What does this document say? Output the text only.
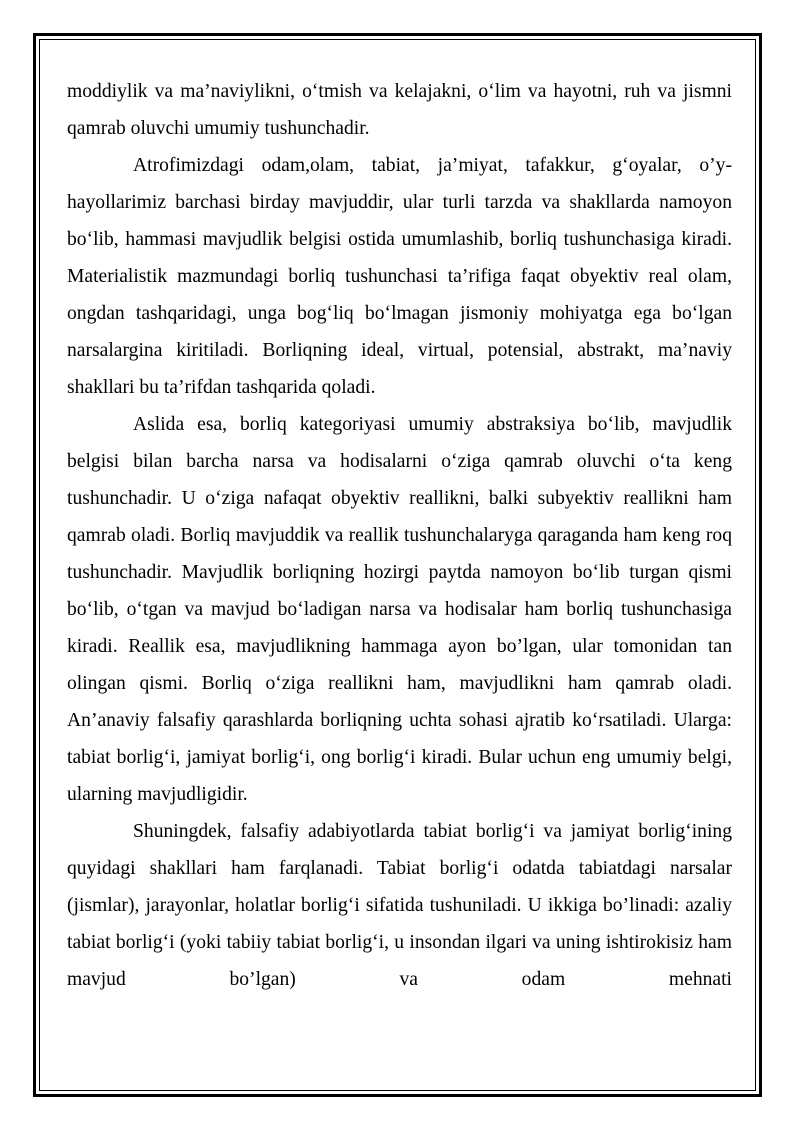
moddiylik va ma’naviylikni, o‘tmish va kelajakni, o‘lim va hayotni, ruh va jismni qamrab oluvchi umumiy tushunchadir.

Atrofimizdagi odam,olam, tabiat, ja’miyat, tafakkur, g‘oyalar, o’y-hayollarimiz barchasi birday mavjuddir, ular turli tarzda va shakllarda namoyon bo‘lib, hammasi mavjudlik belgisi ostida umumlashib, borliq tushunchasiga kiradi. Materialistik mazmundagi borliq tushunchasi ta’rifiga faqat obyektiv real olam, ongdan tashqaridagi, unga bog‘liq bo‘lmagan jismoniy mohiyatga ega bo‘lgan narsalargina kiritiladi. Borliqning ideal, virtual, potensial, abstrakt, ma’naviy shakllari bu ta’rifdan tashqarida qoladi.

Aslida esa, borliq kategoriyasi umumiy abstraksiya bo‘lib, mavjudlik belgisi bilan barcha narsa va hodisalarni o‘ziga qamrab oluvchi o‘ta keng tushunchadir. U o‘ziga nafaqat obyektiv reallikni, balki subyektiv reallikni ham qamrab oladi. Borliq mavjuddik va reallik tushunchalaryga qaraganda ham keng roq tushunchadir. Mavjudlik borliqning hozirgi paytda namoyon bo‘lib turgan qismi bo‘lib, o‘tgan va mavjud bo‘ladigan narsa va hodisalar ham borliq tushunchasiga kiradi. Reallik esa, mavjudlikning hammaga ayon bo’lgan, ular tomonidan tan olingan qismi. Borliq o‘ziga reallikni ham, mavjudlikni ham qamrab oladi. An’anaviy falsafiy qarashlarda borliqning uchta sohasi ajratib ko‘rsatiladi. Ularga: tabiat borlig‘i, jamiyat borlig‘i, ong borlig‘i kiradi. Bular uchun eng umumiy belgi, ularning mavjudligidir.

Shuningdek, falsafiy adabiyotlarda tabiat borlig‘i va jamiyat borlig‘ining quyidagi shakllari ham farqlanadi. Tabiat borlig‘i odatda tabiatdagi narsalar (jismlar), jarayonlar, holatlar borlig‘i sifatida tushuniladi. U ikkiga bo’linadi: azaliy tabiat borlig‘i (yoki tabiiy tabiat borlig‘i, u insondan ilgari va uning ishtirokisiz ham mavjud bo’lgan) va odam mehnati
